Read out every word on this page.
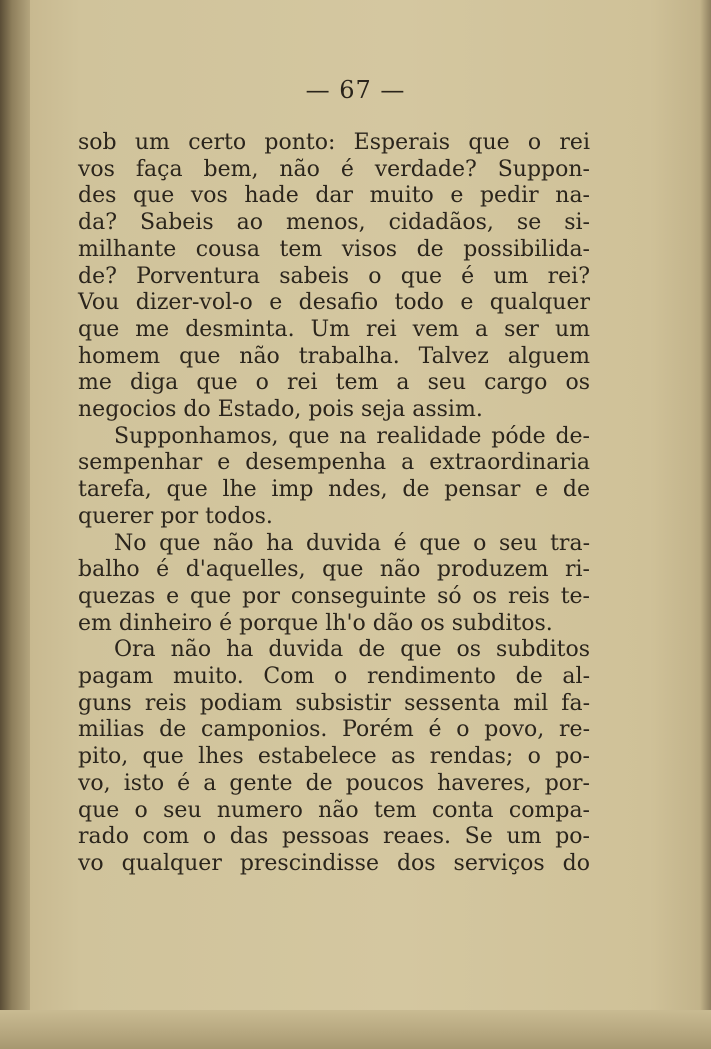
— 67 —
sob um certo ponto: Esperais que o rei
vos faça bem, não é verdade? Suppon-
des que vos hade dar muito e pedir na-
da? Sabeis ao menos, cidadãos, se si-
milhante cousa tem visos de possibilida-
de? Porventura sabeis o que é um rei?
Vou dizer-vol-o e desafio todo e qualquer
que me desminta. Um rei vem a ser um
homem que não trabalha. Talvez alguem
me diga que o rei tem a seu cargo os
negocios do Estado, pois seja assim.
Supponhamos, que na realidade póde de-
sempenhar e desempenha a extraordinaria
tarefa, que lhe imp ndes, de pensar e de
querer por todos.
No que não ha duvida é que o seu tra-
balho é d'aquelles, que não produzem ri-
quezas e que por conseguinte só os reis te-
em dinheiro é porque lh'o dão os subditos.
Ora não ha duvida de que os subditos
pagam muito. Com o rendimento de al-
guns reis podiam subsistir sessenta mil fa-
milias de camponios. Porém é o povo, re-
pito, que lhes estabelece as rendas; o po-
vo, isto é a gente de poucos haveres, por-
que o seu numero não tem conta compa-
rado com o das pessoas reaes. Se um po-
vo qualquer prescindisse dos serviços do
